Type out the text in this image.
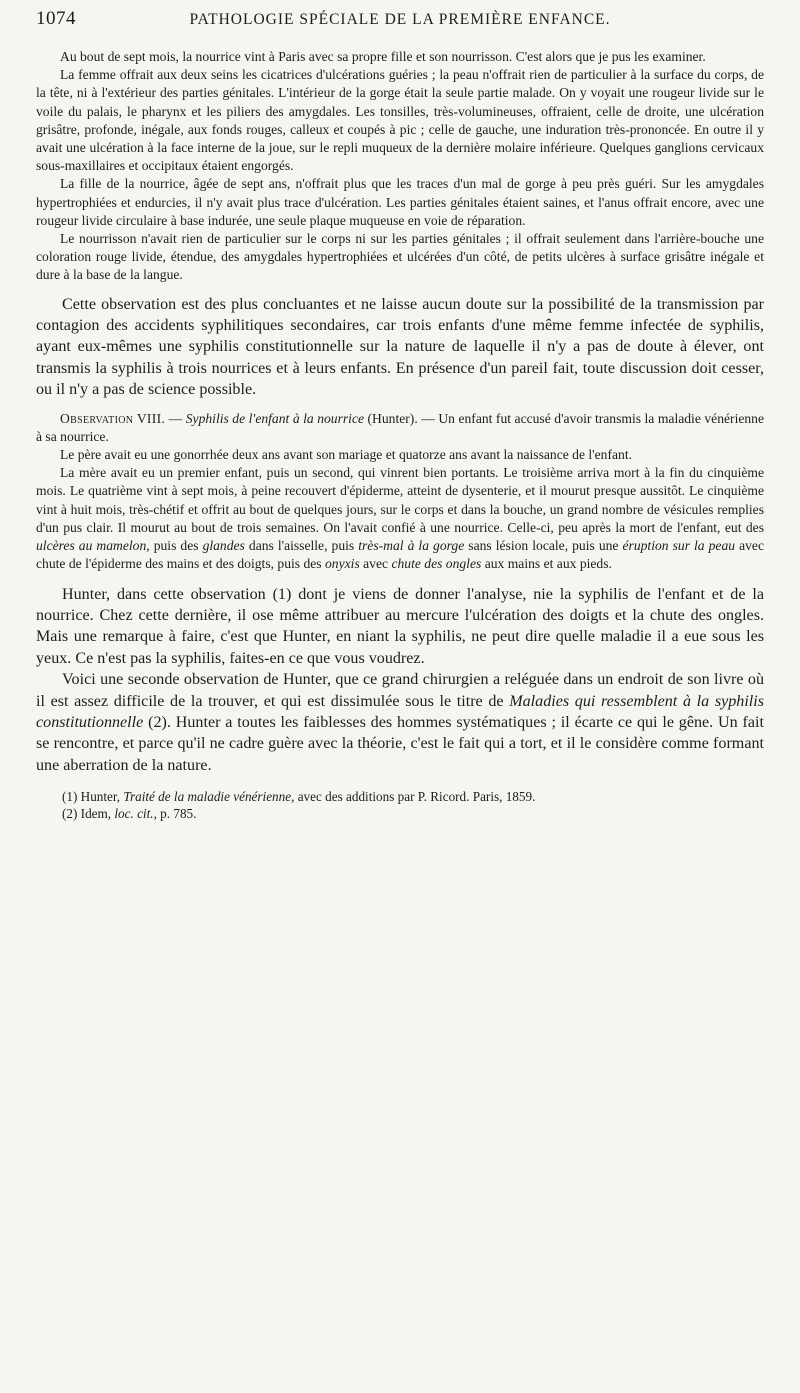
1074	PATHOLOGIE SPÉCIALE DE LA PREMIÈRE ENFANCE.

Au bout de sept mois, la nourrice vint à Paris avec sa propre fille et son nourrisson. C'est alors que je pus les examiner.

La femme offrait aux deux seins les cicatrices d'ulcérations guéries ; la peau n'offrait rien de particulier à la surface du corps, de la tête, ni à l'extérieur des parties génitales. L'intérieur de la gorge était la seule partie malade. On y voyait une rougeur livide sur le voile du palais, le pharynx et les piliers des amygdales. Les tonsilles, très-volumineuses, offraient, celle de droite, une ulcération grisâtre, profonde, inégale, aux fonds rouges, calleux et coupés à pic ; celle de gauche, une induration très-prononcée. En outre il y avait une ulcération à la face interne de la joue, sur le repli muqueux de la dernière molaire inférieure. Quelques ganglions cervicaux sous-maxillaires et occipitaux étaient engorgés.

La fille de la nourrice, âgée de sept ans, n'offrait plus que les traces d'un mal de gorge à peu près guéri. Sur les amygdales hypertrophiées et endurcies, il n'y avait plus trace d'ulcération. Les parties génitales étaient saines, et l'anus offrait encore, avec une rougeur livide circulaire à base indurée, une seule plaque muqueuse en voie de réparation.

Le nourrisson n'avait rien de particulier sur le corps ni sur les parties génitales ; il offrait seulement dans l'arrière-bouche une coloration rouge livide, étendue, des amygdales hypertrophiées et ulcérées d'un côté, de petits ulcères à surface grisâtre inégale et dure à la base de la langue.

Cette observation est des plus concluantes et ne laisse aucun doute sur la possibilité de la transmission par contagion des accidents syphilitiques secondaires, car trois enfants d'une même femme infectée de syphilis, ayant eux-mêmes une syphilis constitutionnelle sur la nature de laquelle il n'y a pas de doute à élever, ont transmis la syphilis à trois nourrices et à leurs enfants. En présence d'un pareil fait, toute discussion doit cesser, ou il n'y a pas de science possible.

Observation VIII. — Syphilis de l'enfant à la nourrice (Hunter). — Un enfant fut accusé d'avoir transmis la maladie vénérienne à sa nourrice.

Le père avait eu une gonorrhée deux ans avant son mariage et quatorze ans avant la naissance de l'enfant.

La mère avait eu un premier enfant, puis un second, qui vinrent bien portants. Le troisième arriva mort à la fin du cinquième mois. Le quatrième vint à sept mois, à peine recouvert d'épiderme, atteint de dysenterie, et il mourut presque aussitôt. Le cinquième vint à huit mois, très-chétif et offrit au bout de quelques jours, sur le corps et dans la bouche, un grand nombre de vésicules remplies d'un pus clair. Il mourut au bout de trois semaines. On l'avait confié à une nourrice. Celle-ci, peu après la mort de l'enfant, eut des ulcères au mamelon, puis des glandes dans l'aisselle, puis très-mal à la gorge sans lésion locale, puis une éruption sur la peau avec chute de l'épiderme des mains et des doigts, puis des onyxis avec chute des ongles aux mains et aux pieds.

Hunter, dans cette observation (1) dont je viens de donner l'analyse, nie la syphilis de l'enfant et de la nourrice. Chez cette dernière, il ose même attribuer au mercure l'ulcération des doigts et la chute des ongles. Mais une remarque à faire, c'est que Hunter, en niant la syphilis, ne peut dire quelle maladie il a eue sous les yeux. Ce n'est pas la syphilis, faites-en ce que vous voudrez.

Voici une seconde observation de Hunter, que ce grand chirurgien a reléguée dans un endroit de son livre où il est assez difficile de la trouver, et qui est dissimulée sous le titre de Maladies qui ressemblent à la syphilis constitutionnelle (2). Hunter a toutes les faiblesses des hommes systématiques ; il écarte ce qui le gêne. Un fait se rencontre, et parce qu'il ne cadre guère avec la théorie, c'est le fait qui a tort, et il le considère comme formant une aberration de la nature.

(1) Hunter, Traité de la maladie vénérienne, avec des additions par P. Ricord. Paris, 1859.

(2) Idem, loc. cit., p. 785.
